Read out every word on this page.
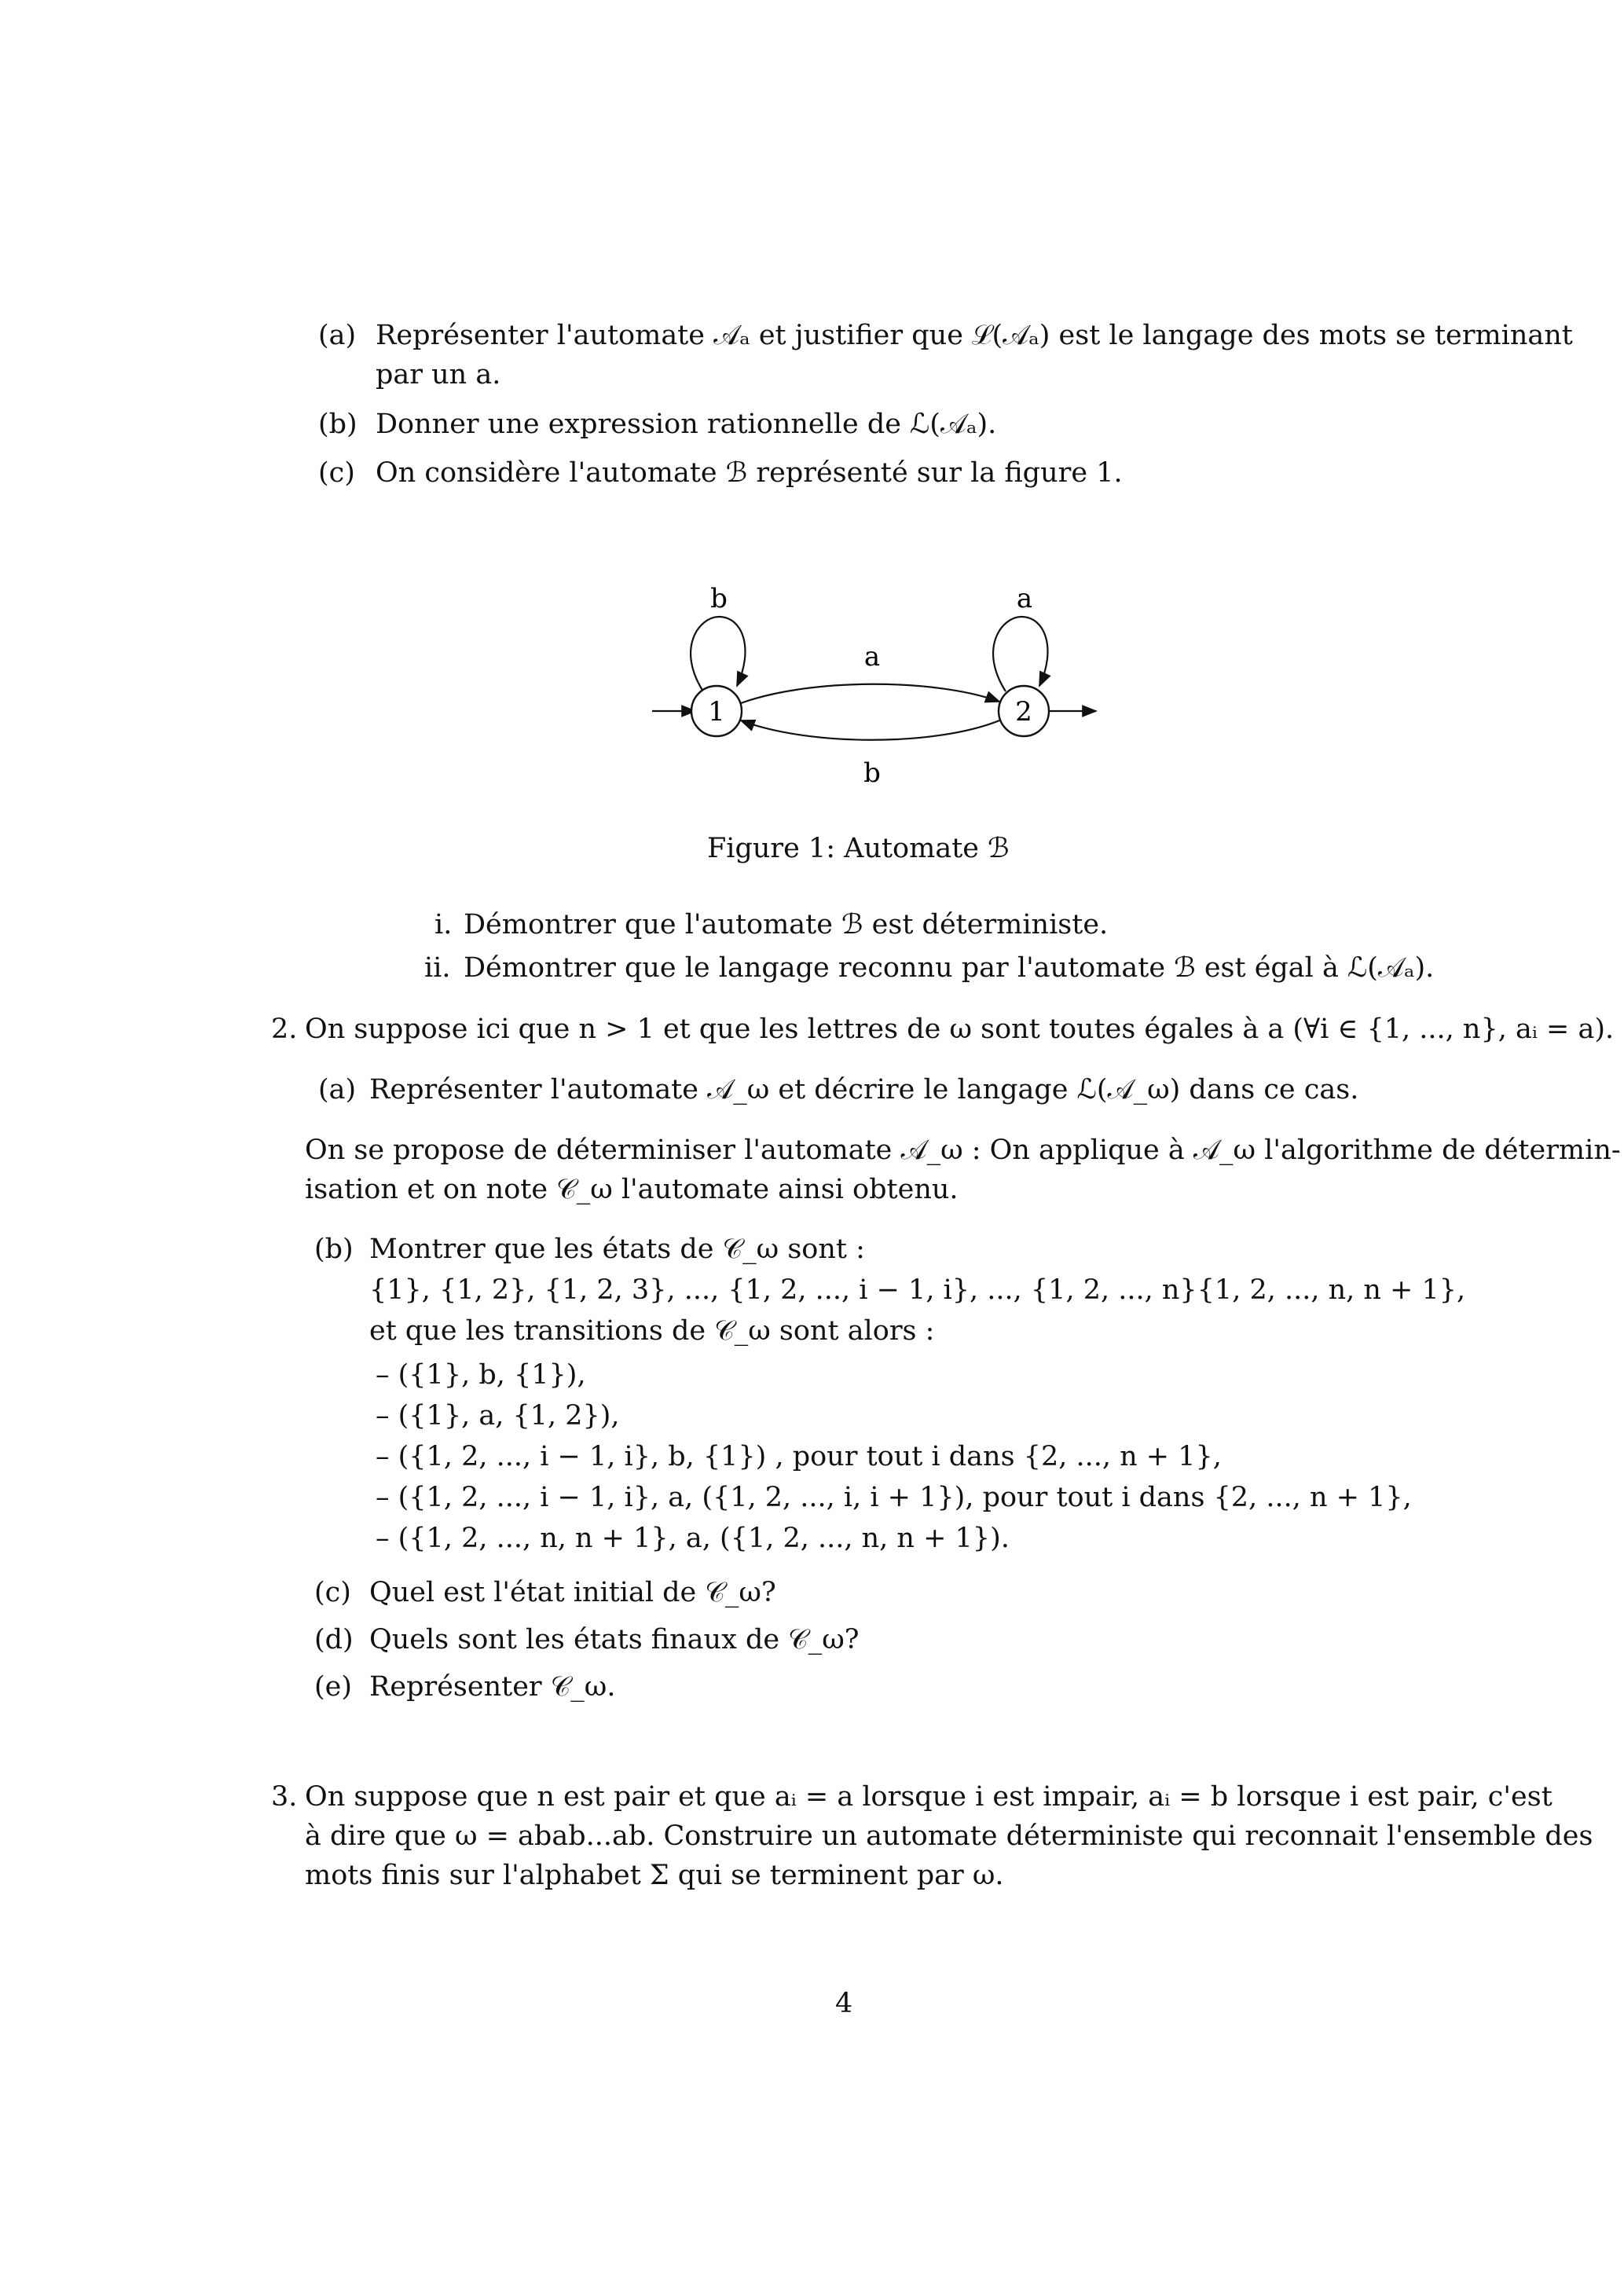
(a) Représenter l'automate 𝒜ₐ et justifier que ℒ(𝒜ₐ) est le langage des mots se terminant
par un a.
(b) Donner une expression rationnelle de ℒ(𝒜ₐ).
(c) On considère l'automate ℬ représenté sur la figure 1.
1	2
b	a
a
b
Figure 1: Automate ℬ
i. Démontrer que l'automate ℬ est déterministe.
ii. Démontrer que le langage reconnu par l'automate ℬ est égal à ℒ(𝒜ₐ).
2. On suppose ici que n > 1 et que les lettres de ω sont toutes égales à a (∀i ∈ {1, ..., n}, aᵢ = a).
(a) Représenter l'automate 𝒜_ω et décrire le langage ℒ(𝒜_ω) dans ce cas.
On se propose de déterminiser l'automate 𝒜_ω : On applique à 𝒜_ω l'algorithme de détermin-
isation et on note 𝒞_ω l'automate ainsi obtenu.
(b) Montrer que les états de 𝒞_ω sont :
{1}, {1, 2}, {1, 2, 3}, ..., {1, 2, ..., i − 1, i}, ..., {1, 2, ..., n}{1, 2, ..., n, n + 1},
et que les transitions de 𝒞_ω sont alors :
– ({1}, b, {1}),
– ({1}, a, {1, 2}),
– ({1, 2, ..., i − 1, i}, b, {1}) , pour tout i dans {2, ..., n + 1},
– ({1, 2, ..., i − 1, i}, a, ({1, 2, ..., i, i + 1}), pour tout i dans {2, ..., n + 1},
– ({1, 2, ..., n, n + 1}, a, ({1, 2, ..., n, n + 1}).
(c) Quel est l'état initial de 𝒞_ω?
(d) Quels sont les états finaux de 𝒞_ω?
(e) Représenter 𝒞_ω.
3. On suppose que n est pair et que aᵢ = a lorsque i est impair, aᵢ = b lorsque i est pair, c'est
à dire que ω = abab...ab. Construire un automate déterministe qui reconnait l'ensemble des
mots finis sur l'alphabet Σ qui se terminent par ω.
4
